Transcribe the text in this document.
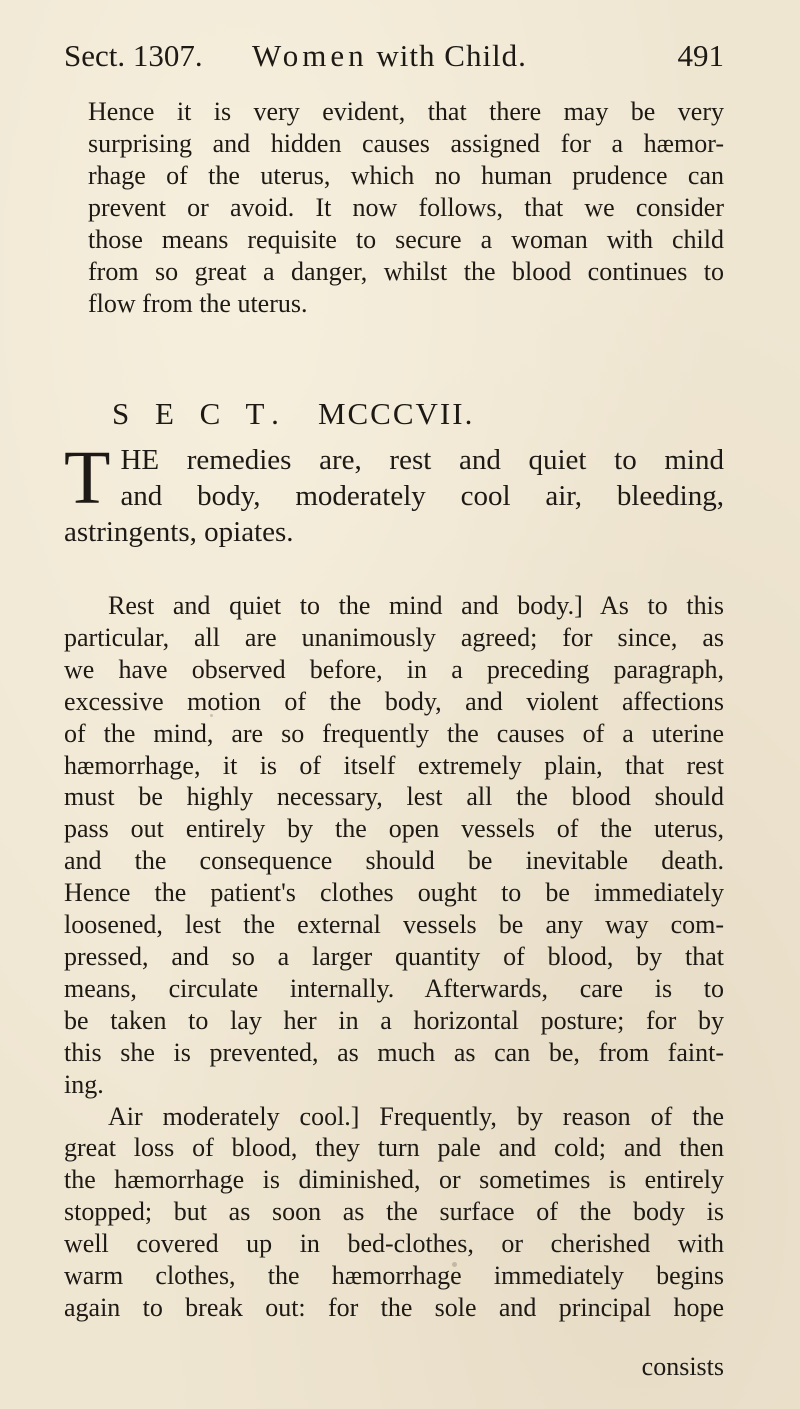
Sect. 1307. Women with Child.	491
Hence it is very evident, that there may be very
surprising and hidden causes assigned for a hæmor-
rhage of the uterus, which no human prudence can
prevent or avoid. It now follows, that we consider
those means requisite to secure a woman with child
from so great a danger, whilst the blood continues to
flow from the uterus.
S E C T. MCCCVII.
T HE remedies are, rest and quiet to mind
and body, moderately cool air, bleeding,
astringents, opiates.
Rest and quiet to the mind and body.] As to this
particular, all are unanimously agreed; for since, as
we have observed before, in a preceding paragraph,
excessive motion of the body, and violent affections
of the mind, are so frequently the causes of a uterine
hæmorrhage, it is of itself extremely plain, that rest
must be highly necessary, lest all the blood should
pass out entirely by the open vessels of the uterus,
and the consequence should be inevitable death.
Hence the patient's clothes ought to be immediately
loosened, lest the external vessels be any way com-
pressed, and so a larger quantity of blood, by that
means, circulate internally. Afterwards, care is to
be taken to lay her in a horizontal posture; for by
this she is prevented, as much as can be, from faint-
ing.
Air moderately cool.] Frequently, by reason of the
great loss of blood, they turn pale and cold; and then
the hæmorrhage is diminished, or sometimes is entirely
stopped; but as soon as the surface of the body is
well covered up in bed-clothes, or cherished with
warm clothes, the hæmorrhage immediately begins
again to break out: for the sole and principal hope
consists
